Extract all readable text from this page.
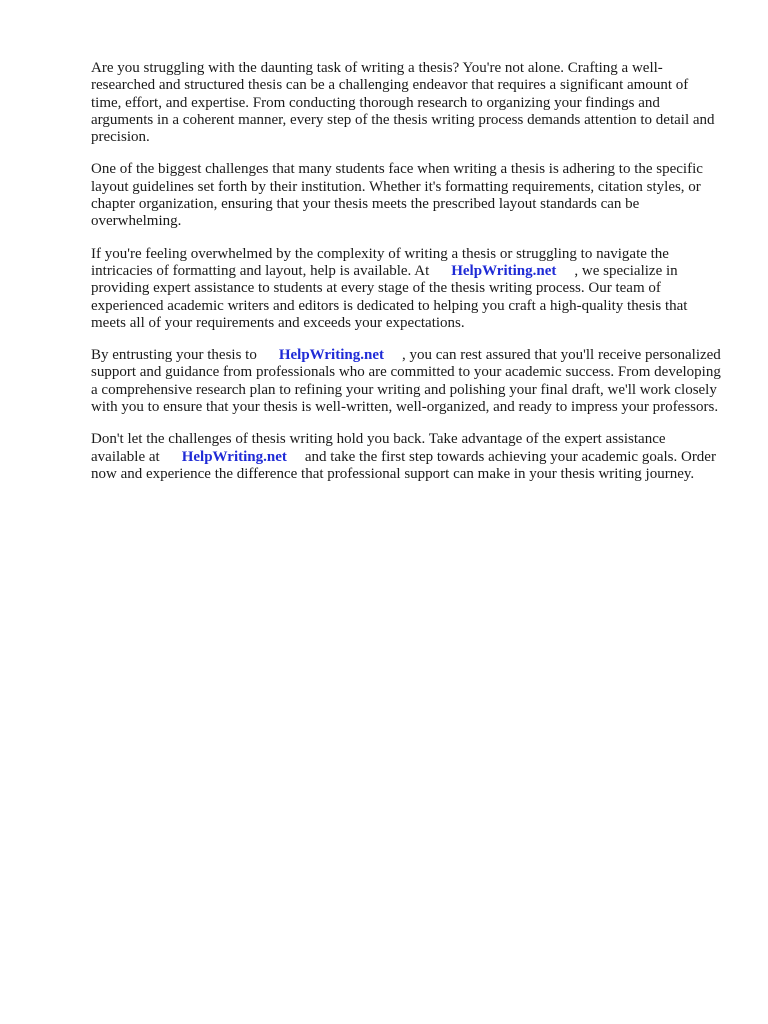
Are you struggling with the daunting task of writing a thesis? You're not alone. Crafting a well-researched and structured thesis can be a challenging endeavor that requires a significant amount of time, effort, and expertise. From conducting thorough research to organizing your findings and arguments in a coherent manner, every step of the thesis writing process demands attention to detail and precision.

One of the biggest challenges that many students face when writing a thesis is adhering to the specific layout guidelines set forth by their institution. Whether it's formatting requirements, citation styles, or chapter organization, ensuring that your thesis meets the prescribed layout standards can be overwhelming.

If you're feeling overwhelmed by the complexity of writing a thesis or struggling to navigate the intricacies of formatting and layout, help is available. At HelpWriting.net , we specialize in providing expert assistance to students at every stage of the thesis writing process. Our team of experienced academic writers and editors is dedicated to helping you craft a high-quality thesis that meets all of your requirements and exceeds your expectations.

By entrusting your thesis to HelpWriting.net , you can rest assured that you'll receive personalized support and guidance from professionals who are committed to your academic success. From developing a comprehensive research plan to refining your writing and polishing your final draft, we'll work closely with you to ensure that your thesis is well-written, well-organized, and ready to impress your professors.

Don't let the challenges of thesis writing hold you back. Take advantage of the expert assistance available at HelpWriting.net and take the first step towards achieving your academic goals. Order now and experience the difference that professional support can make in your thesis writing journey.
